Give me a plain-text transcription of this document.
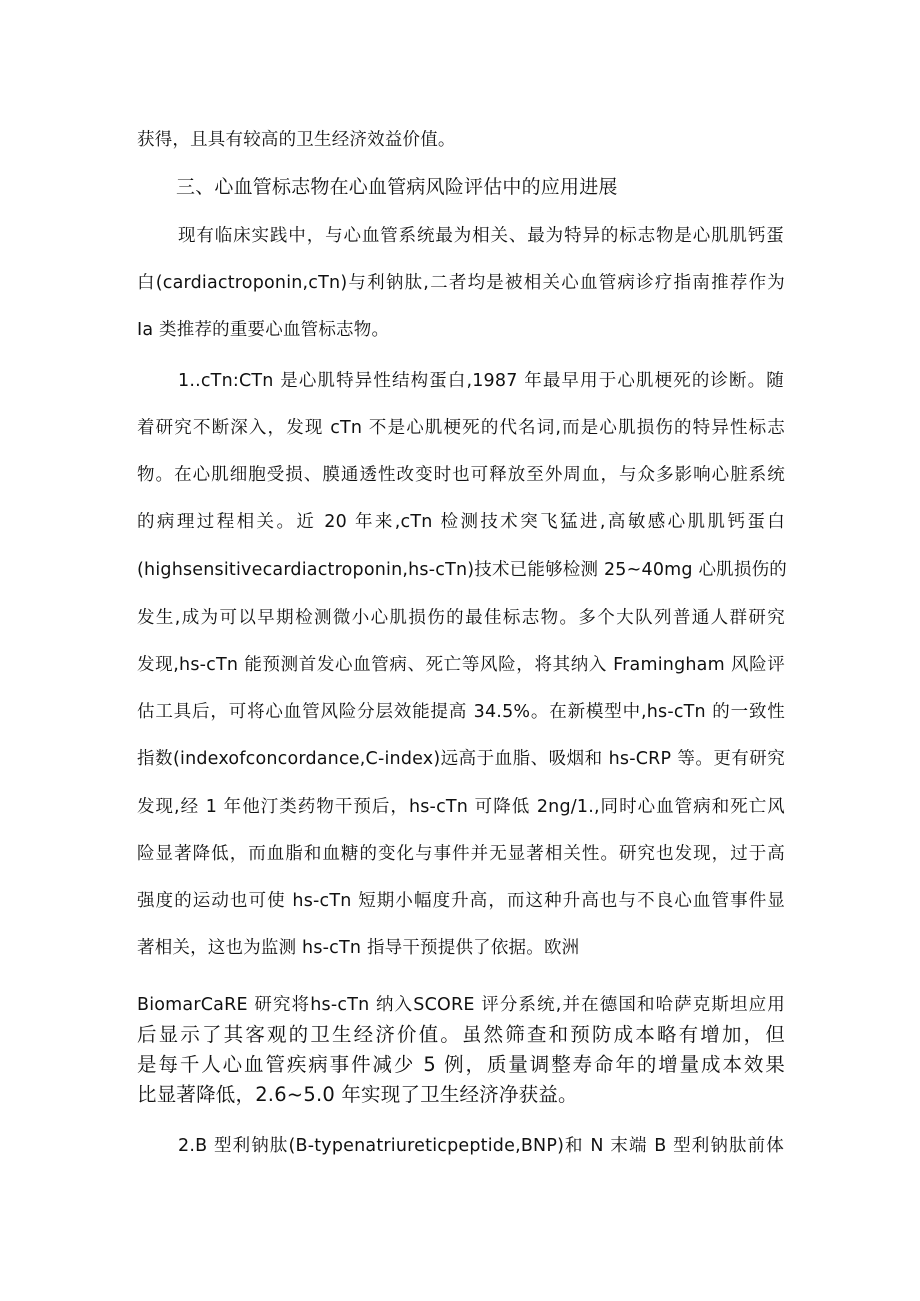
获得，且具有较高的卫生经济效益价值。
三、心血管标志物在心血管病风险评估中的应用进展
现有临床实践中，与心血管系统最为相关、最为特异的标志物是心肌肌钙蛋
白(cardiactroponin,cTn)与利钠肽,二者均是被相关心血管病诊疗指南推荐作为
Ia 类推荐的重要心血管标志物。
1..cTn:CTn 是心肌特异性结构蛋白,1987 年最早用于心肌梗死的诊断。随
着研究不断深入，发现 cTn 不是心肌梗死的代名词,而是心肌损伤的特异性标志
物。在心肌细胞受损、膜通透性改变时也可释放至外周血，与众多影响心脏系统
的病理过程相关。近 20 年来,cTn 检测技术突飞猛进,高敏感心肌肌钙蛋白
(highsensitivecardiactroponin,hs-cTn)技术已能够检测 25~40mg 心肌损伤的
发生,成为可以早期检测微小心肌损伤的最佳标志物。多个大队列普通人群研究
发现,hs-cTn 能预测首发心血管病、死亡等风险，将其纳入 Framingham 风险评
估工具后，可将心血管风险分层效能提高 34.5%。在新模型中,hs-cTn 的一致性
指数(indexofconcordance,C-index)远高于血脂、吸烟和 hs-CRP 等。更有研究
发现,经 1 年他汀类药物干预后，hs-cTn 可降低 2ng/1.,同时心血管病和死亡风
险显著降低，而血脂和血糖的变化与事件并无显著相关性。研究也发现，过于高
强度的运动也可使 hs-cTn 短期小幅度升高，而这种升高也与不良心血管事件显
著相关，这也为监测 hs-cTn 指导干预提供了依据。欧洲
BiomarCaRE 研究将hs-cTn 纳入SCORE 评分系统,并在德国和哈萨克斯坦应用
后显示了其客观的卫生经济价值。虽然筛查和预防成本略有增加，但
是每千人心血管疾病事件减少 5 例，质量调整寿命年的增量成本效果
比显著降低，2.6~5.0 年实现了卫生经济净获益。
2.B 型利钠肽(B-typenatriureticpeptide,BNP)和 N 末端 B 型利钠肽前体
